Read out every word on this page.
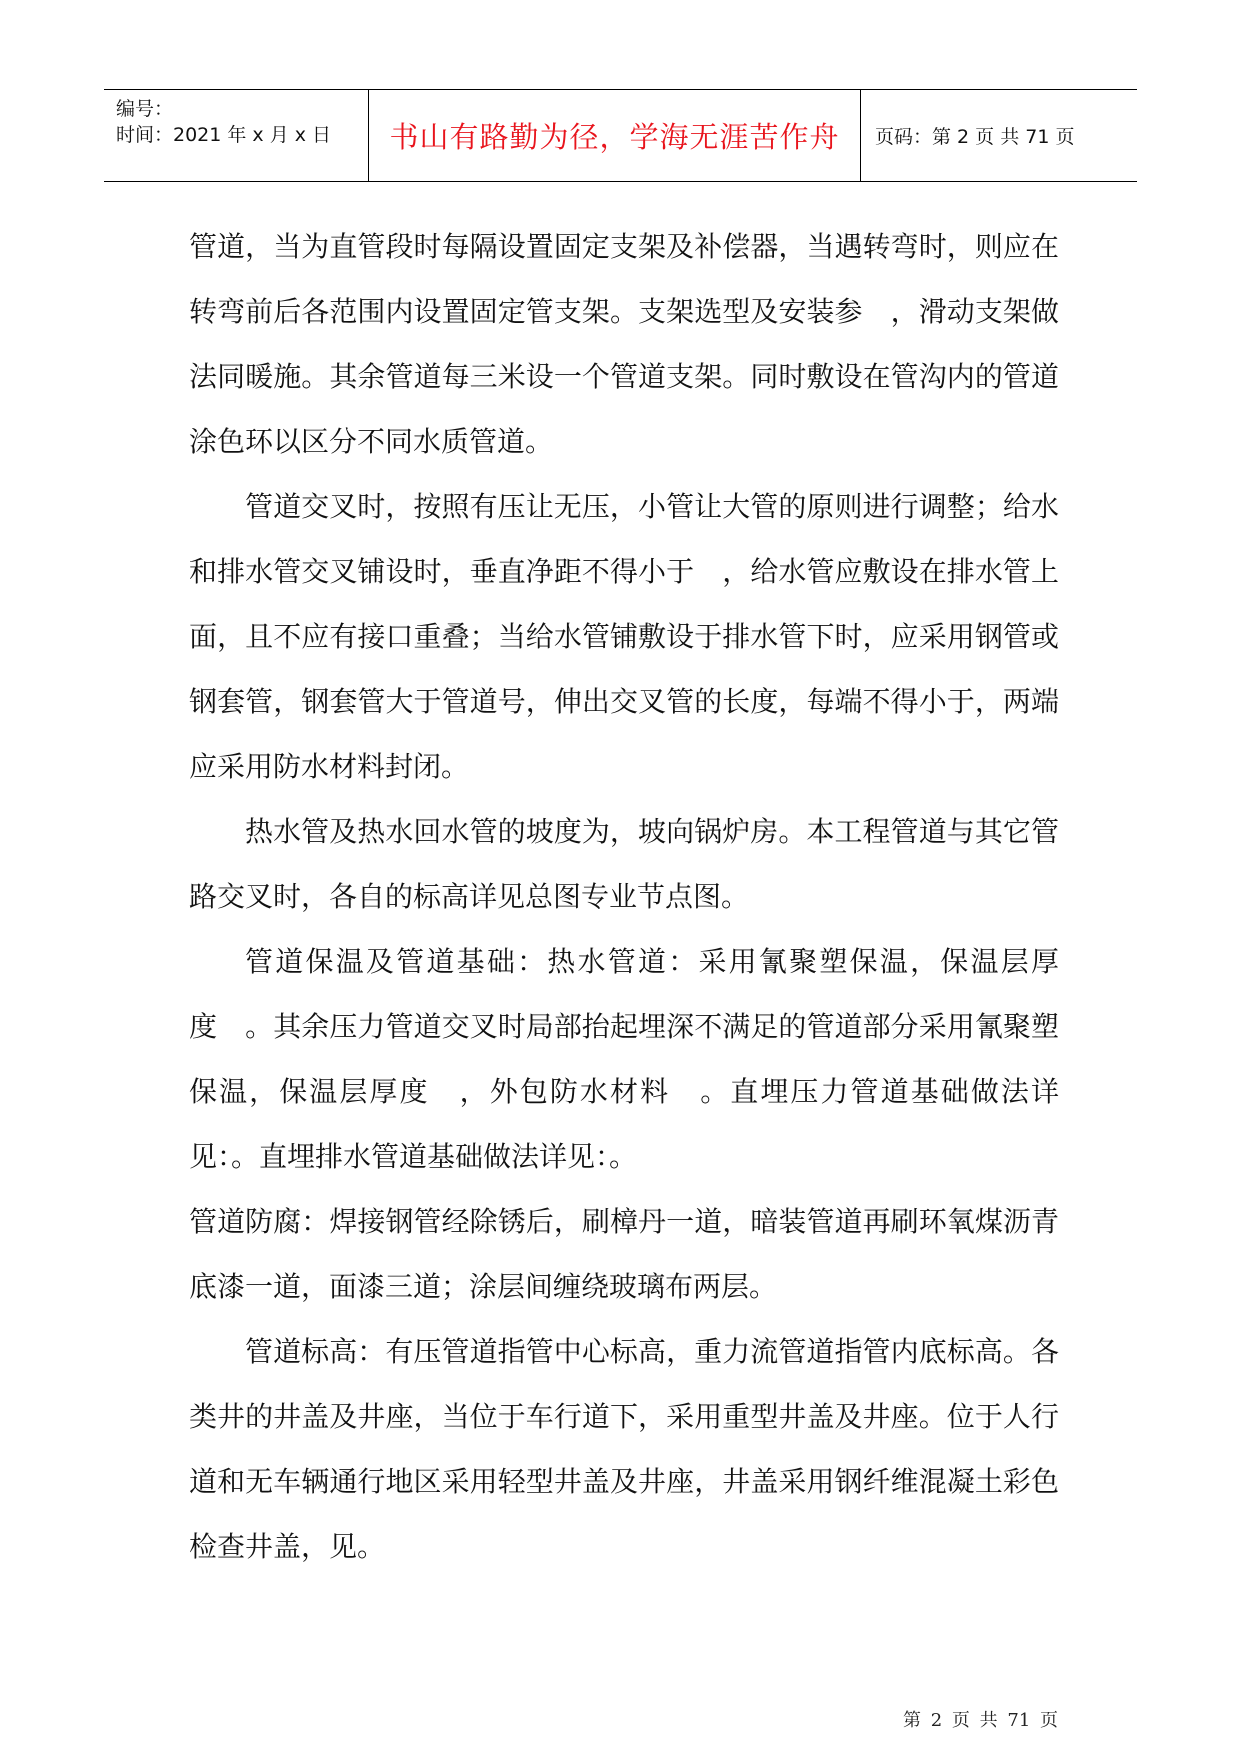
编号：
时间：2021 年 x 月 x 日 书山有路勤为径，学海无涯苦作舟 页码：第 2 页 共 71 页

管道，当为直管段时每隔设置固定支架及补偿器，当遇转弯时，则应在转弯前后各范围内设置固定管支架。支架选型及安装参　，滑动支架做法同暖施。其余管道每三米设一个管道支架。同时敷设在管沟内的管道涂色环以区分不同水质管道。

管道交叉时，按照有压让无压，小管让大管的原则进行调整；给水和排水管交叉铺设时，垂直净距不得小于　，给水管应敷设在排水管上面，且不应有接口重叠；当给水管铺敷设于排水管下时，应采用钢管或钢套管，钢套管大于管道号，伸出交叉管的长度，每端不得小于，两端应采用防水材料封闭。

热水管及热水回水管的坡度为，坡向锅炉房。本工程管道与其它管路交叉时，各自的标高详见总图专业节点图。

管道保温及管道基础：热水管道：采用氰聚塑保温，保温层厚度　。其余压力管道交叉时局部抬起埋深不满足的管道部分采用氰聚塑保温，保温层厚度　，外包防水材料　。直埋压力管道基础做法详见：。直埋排水管道基础做法详见：。

管道防腐：焊接钢管经除锈后，刷樟丹一道，暗装管道再刷环氧煤沥青底漆一道，面漆三道；涂层间缠绕玻璃布两层。

管道标高：有压管道指管中心标高，重力流管道指管内底标高。各类井的井盖及井座，当位于车行道下，采用重型井盖及井座。位于人行道和无车辆通行地区采用轻型井盖及井座，井盖采用钢纤维混凝土彩色检查井盖，见。

第 2 页 共 71 页
